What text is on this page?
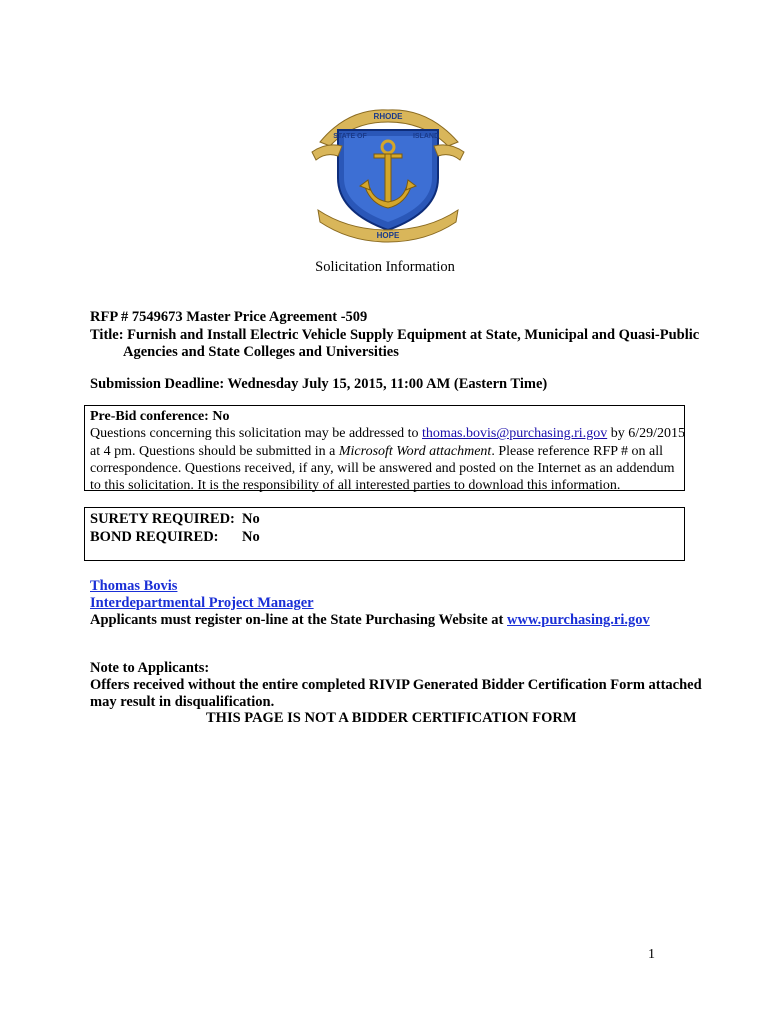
RHODE
STATE OF	ISLAND
HOPE
Solicitation Information
RFP # 7549673 Master Price Agreement -509
Title: Furnish and Install Electric Vehicle Supply Equipment at State, Municipal and Quasi-Public
Agencies and State Colleges and Universities
Submission Deadline: Wednesday July 15, 2015, 11:00 AM (Eastern Time)

Pre-Bid conference: No

Questions concerning this solicitation may be addressed to thomas.bovis@purchasing.ri.gov by 6/29/2015

at 4 pm. Questions should be submitted in a Microsoft Word attachment. Please reference RFP # on all

correspondence. Questions received, if any, will be answered and posted on the Internet as an addendum

to this solicitation. It is the responsibility of all interested parties to download this information.

SURETY REQUIRED: No
BOND REQUIRED:	No
Thomas Bovis
Interdepartmental Project Manager
Applicants must register on-line at the State Purchasing Website at www.purchasing.ri.gov
Note to Applicants:
Offers received without the entire completed RIVIP Generated Bidder Certification Form attached
may result in disqualification.
THIS PAGE IS NOT A BIDDER CERTIFICATION FORM
1
